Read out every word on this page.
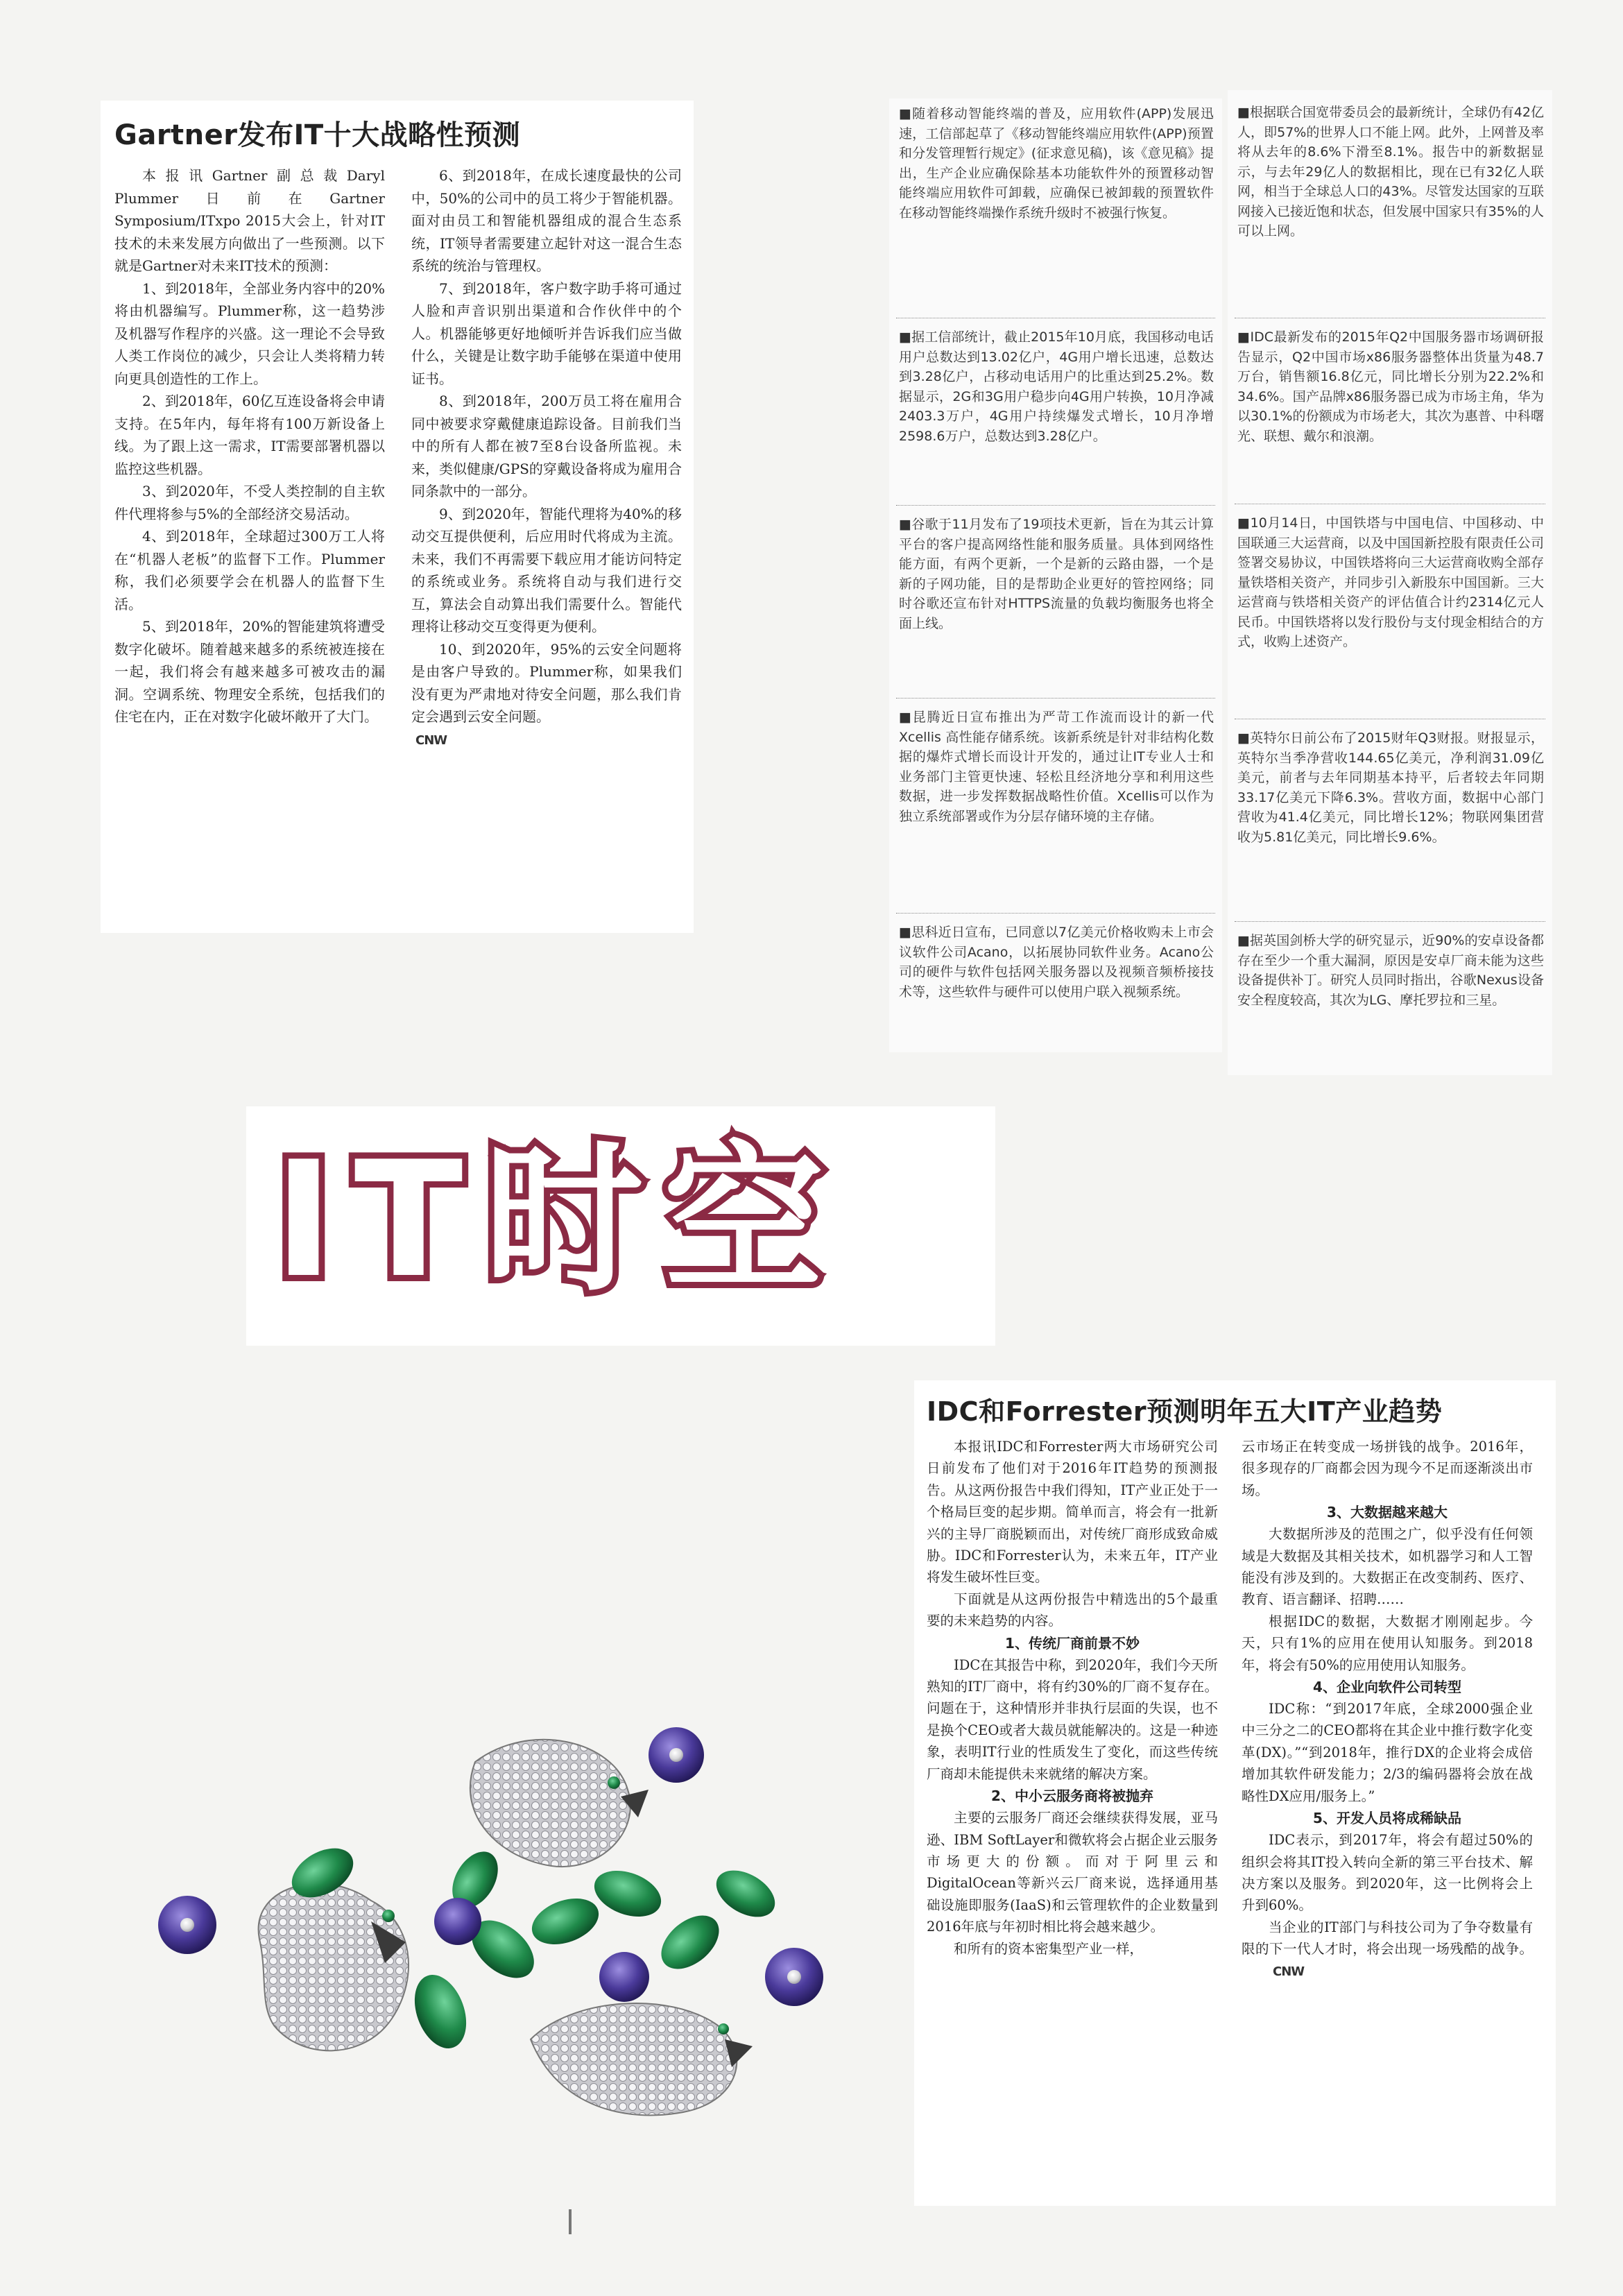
Gartner发布IT十大战略性预测

本报讯Gartner副总裁Daryl Plummer日前在Gartner Symposium/ITxpo 2015大会上，针对IT技术的未来发展方向做出了一些预测。以下就是Gartner对未来IT技术的预测：

1、到2018年，全部业务内容中的20%将由机器编写。Plummer称，这一趋势涉及机器写作程序的兴盛。这一理论不会导致人类工作岗位的减少，只会让人类将精力转向更具创造性的工作上。

2、到2018年，60亿互连设备将会申请支持。在5年内，每年将有100万新设备上线。为了跟上这一需求，IT需要部署机器以监控这些机器。

3、到2020年，不受人类控制的自主软件代理将参与5%的全部经济交易活动。

4、到2018年，全球超过300万工人将在“机器人老板”的监督下工作。Plummer称，我们必须要学会在机器人的监督下生活。

5、到2018年，20%的智能建筑将遭受数字化破坏。随着越来越多的系统被连接在一起，我们将会有越来越多可被攻击的漏洞。空调系统、物理安全系统，包括我们的住宅在内，正在对数字化破坏敞开了大门。

6、到2018年，在成长速度最快的公司中，50%的公司中的员工将少于智能机器。面对由员工和智能机器组成的混合生态系统，IT领导者需要建立起针对这一混合生态系统的统治与管理权。

7、到2018年，客户数字助手将可通过人脸和声音识别出渠道和合作伙伴中的个人。机器能够更好地倾听并告诉我们应当做什么，关键是让数字助手能够在渠道中使用证书。

8、到2018年，200万员工将在雇用合同中被要求穿戴健康追踪设备。目前我们当中的所有人都在被7至8台设备所监视。未来，类似健康/GPS的穿戴设备将成为雇用合同条款中的一部分。

9、到2020年，智能代理将为40%的移动交互提供便利，后应用时代将成为主流。未来，我们不再需要下载应用才能访问特定的系统或业务。系统将自动与我们进行交互，算法会自动算出我们需要什么。智能代理将让移动交互变得更为便利。

10、到2020年，95%的云安全问题将是由客户导致的。Plummer称，如果我们没有更为严肃地对待安全问题，那么我们肯定会遇到云安全问题。

CNW
■随着移动智能终端的普及，应用软件(APP)发展迅速，工信部起草了《移动智能终端应用软件(APP)预置和分发管理暂行规定》(征求意见稿)，该《意见稿》提出，生产企业应确保除基本功能软件外的预置移动智能终端应用软件可卸载，应确保已被卸载的预置软件在移动智能终端操作系统升级时不被强行恢复。
■据工信部统计，截止2015年10月底，我国移动电话用户总数达到13.02亿户，4G用户增长迅速，总数达到3.28亿户，占移动电话用户的比重达到25.2%。数据显示，2G和3G用户稳步向4G用户转换，10月净减2403.3万户，4G用户持续爆发式增长，10月净增2598.6万户，总数达到3.28亿户。
■谷歌于11月发布了19项技术更新，旨在为其云计算平台的客户提高网络性能和服务质量。具体到网络性能方面，有两个更新，一个是新的云路由器，一个是新的子网功能，目的是帮助企业更好的管控网络；同时谷歌还宣布针对HTTPS流量的负载均衡服务也将全面上线。
■昆腾近日宣布推出为严苛工作流而设计的新一代Xcellis 高性能存储系统。该新系统是针对非结构化数据的爆炸式增长而设计开发的，通过让IT专业人士和业务部门主管更快速、轻松且经济地分享和利用这些数据，进一步发挥数据战略性价值。Xcellis可以作为独立系统部署或作为分层存储环境的主存储。
■思科近日宣布，已同意以7亿美元价格收购未上市会议软件公司Acano，以拓展协同软件业务。Acano公司的硬件与软件包括网关服务器以及视频音频桥接技术等，这些软件与硬件可以使用户联入视频系统。
■根据联合国宽带委员会的最新统计，全球仍有42亿人，即57%的世界人口不能上网。此外，上网普及率将从去年的8.6%下滑至8.1%。报告中的新数据显示，与去年29亿人的数据相比，现在已有32亿人联网，相当于全球总人口的43%。尽管发达国家的互联网接入已接近饱和状态，但发展中国家只有35%的人可以上网。
■IDC最新发布的2015年Q2中国服务器市场调研报告显示，Q2中国市场x86服务器整体出货量为48.7万台，销售额16.8亿元，同比增长分别为22.2%和34.6%。国产品牌x86服务器已成为市场主角，华为以30.1%的份额成为市场老大，其次为惠普、中科曙光、联想、戴尔和浪潮。
■10月14日，中国铁塔与中国电信、中国移动、中国联通三大运营商，以及中国国新控股有限责任公司签署交易协议，中国铁塔将向三大运营商收购全部存量铁塔相关资产，并同步引入新股东中国国新。三大运营商与铁塔相关资产的评估值合计约2314亿元人民币。中国铁塔将以发行股份与支付现金相结合的方式，收购上述资产。
■英特尔日前公布了2015财年Q3财报。财报显示，英特尔当季净营收144.65亿美元，净利润31.09亿美元，前者与去年同期基本持平，后者较去年同期33.17亿美元下降6.3%。营收方面，数据中心部门营收为41.4亿美元，同比增长12%；物联网集团营收为5.81亿美元，同比增长9.6%。
■据英国剑桥大学的研究显示，近90%的安卓设备都存在至少一个重大漏洞，原因是安卓厂商未能为这些设备提供补丁。研究人员同时指出，谷歌Nexus设备安全程度较高，其次为LG、摩托罗拉和三星。
IT时空
IDC和Forrester预测明年五大IT产业趋势

本报讯IDC和Forrester两大市场研究公司日前发布了他们对于2016年IT趋势的预测报告。从这两份报告中我们得知，IT产业正处于一个格局巨变的起步期。简单而言，将会有一批新兴的主导厂商脱颖而出，对传统厂商形成致命威胁。IDC和Forrester认为，未来五年，IT产业将发生破坏性巨变。

下面就是从这两份报告中精选出的5个最重要的未来趋势的内容。

1、传统厂商前景不妙

IDC在其报告中称，到2020年，我们今天所熟知的IT厂商中，将有约30%的厂商不复存在。问题在于，这种情形并非执行层面的失误，也不是换个CEO或者大裁员就能解决的。这是一种迹象，表明IT行业的性质发生了变化，而这些传统厂商却未能提供未来就绪的解决方案。

2、中小云服务商将被抛弃

主要的云服务厂商还会继续获得发展，亚马逊、IBM SoftLayer和微软将会占据企业云服务市场更大的份额。而对于阿里云和DigitalOcean等新兴云厂商来说，选择通用基础设施即服务(IaaS)和云管理软件的企业数量到2016年底与年初时相比将会越来越少。

和所有的资本密集型产业一样，

云市场正在转变成一场拼钱的战争。2016年，很多现存的厂商都会因为现今不足而逐渐淡出市场。

3、大数据越来越大

大数据所涉及的范围之广，似乎没有任何领域是大数据及其相关技术，如机器学习和人工智能没有涉及到的。大数据正在改变制药、医疗、教育、语言翻译、招聘……

根据IDC的数据，大数据才刚刚起步。今天，只有1%的应用在使用认知服务。到2018年，将会有50%的应用使用认知服务。

4、企业向软件公司转型

IDC称：“到2017年底，全球2000强企业中三分之二的CEO都将在其企业中推行数字化变革(DX)。”“到2018年，推行DX的企业将会成倍增加其软件研发能力；2/3的编码器将会放在战略性DX应用/服务上。”

5、开发人员将成稀缺品

IDC表示，到2017年，将会有超过50%的组织会将其IT投入转向全新的第三平台技术、解决方案以及服务。到2020年，这一比例将会上升到60%。

当企业的IT部门与科技公司为了争夺数量有限的下一代人才时，将会出现一场残酷的战争。CNW
